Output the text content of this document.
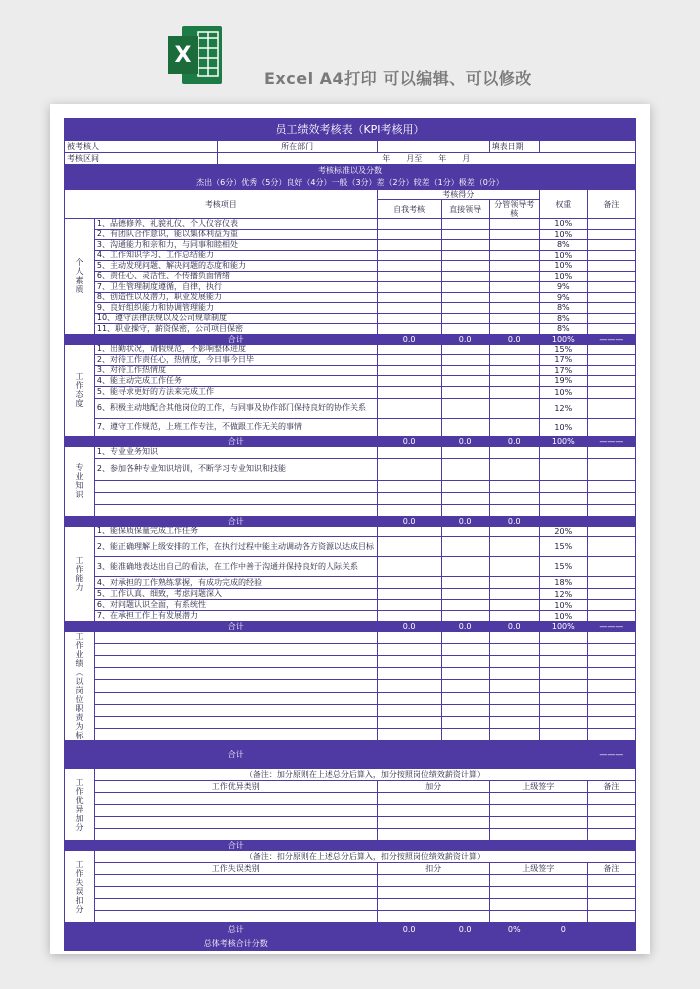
X
Excel A4打印 可以编辑、可以修改
员工绩效考核表（KPI考核用）							
被考核人		所在部门			填表日期		
考核区间		年　　月至　　年　　月					
考核标准以及分数							
杰出（6分）优秀（5分）良好（4分）一般（3分）差（2分）较差（1分）极差（0分）							
考核项目			考核得分			权重	备注
			自我考核	直接领导	分管领导考核		
个人素质	1、品德修养、礼貌礼仪、个人仪容仪表					10%	
	2、有团队合作意识，能以集体利益为重					10%	
	3、沟通能力和亲和力，与同事和睦相处					8%	
	4、工作知识学习、工作总结能力					10%	
	5、主动发现问题、解决问题的态度和能力					10%	
	6、责任心、灵活性、不传播负面情绪					10%	
	7、卫生管理制度遵循，自律，执行					9%	
	8、创造性以及潜力，职业发展能力					9%	
	9、良好组织能力和协调管理能力					8%	
	10、遵守法律法规以及公司规章制度					8%	
	11、职业操守，薪资保密，公司项目保密					8%	
	合计		0.0	0.0	0.0	100%	———
工作态度	1、出勤状况，请假规范，不影响整体进度					15%	
	2、对待工作责任心，热情度，今日事今日毕					17%	
	3、对待工作热情度					17%	
	4、能主动完成工作任务					19%	
	5、能寻求更好的方法来完成工作					10%	
	6、积极主动地配合其他岗位的工作，与同事及协作部门保持良好的协作关系					12%	
	7、遵守工作规范，上班工作专注，不做跟工作无关的事情					10%	
	合计		0.0	0.0	0.0	100%	———
专业知识	1、专业业务知识						
	2、参加各种专业知识培训，不断学习专业知识和技能						

	合计		0.0	0.0	0.0		
工作能力	1、能保质保量完成工作任务					20%	
	2、能正确理解上级安排的工作，在执行过程中能主动调动各方资源以达成目标					15%	
	3、能准确地表达出自己的看法，在工作中善于沟通并保持良好的人际关系					15%	
	4、对承担的工作熟练掌握，有成功完成的经验					18%	
	5、工作认真、细致，考虑问题深入					12%	
	6、对问题认识全面，有系统性					10%	
	7、在承担工作上有发展潜力					10%	
	合计		0.0	0.0	0.0	100%	———
工作业绩（以岗位职责为标							

	合计						———
工作优异加分	（备注：加分原则在上述总分后算入，加分按照岗位绩效薪资计算）						
	工作优异类别		加分		上级签字		备注

	合计						
工作失误扣分	（备注：扣分原则在上述总分后算入，扣分按照岗位绩效薪资计算）						
	工作失误类别		扣分		上级签字		备注

	总计		0.0	0.0	0%	0	
	总体考核合计分数						
